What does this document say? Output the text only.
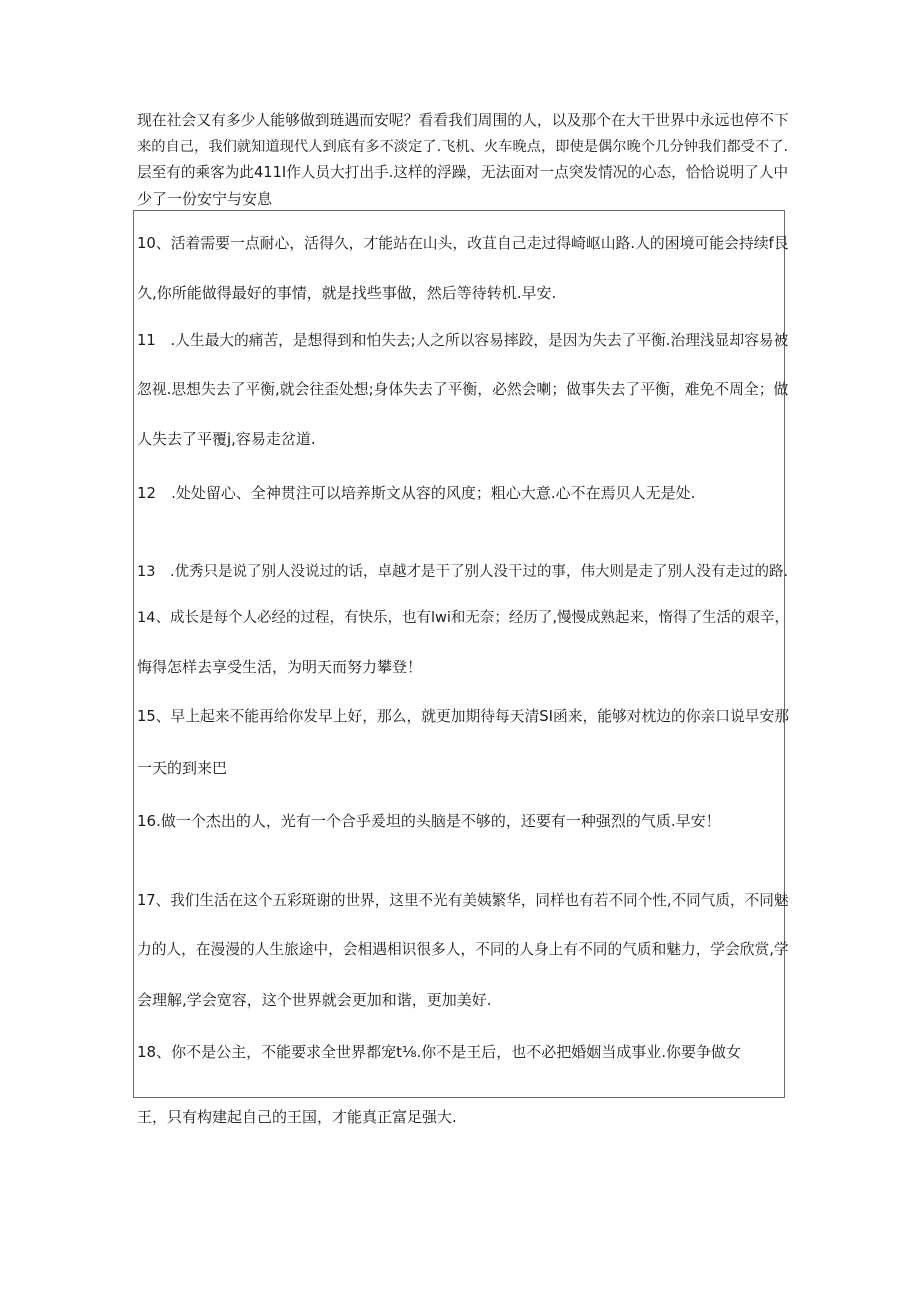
现在社会又有多少人能够做到琏遇而安呢？看看我们周围的人，以及那个在大干世界中永远也停不下
来的自己，我们就知道现代人到底有多不淡定了.飞机、火车晚点，即使是偶尔晚个几分钟我们都受不了.
层至有的乘客为此411I作人员大打出手.这样的浮躁，无法面对一点突发情况的心态，恰恰说明了人中
少了一份安宁与安息
10、活着需要一点耐心，活得久，才能站在山头，改苴自己走过得崎岖山路.人的困境可能会持续f艮
久,你所能做得最好的事情，就是找些事做，然后等待转机.早安.
11　.人生最大的痛苦，是想得到和怕失去;人之所以容易摔跤，是因为失去了平衡.治理浅显却容易被
忽视.思想失去了平衡,就会往歪处想;身体失去了平衡，必然会喇；做事失去了平衡，难免不周全；做
人失去了平覆j,容易走岔道.
12　.处处留心、全神贯注可以培养斯文从容的风度；粗心大意.心不在焉贝人无是处.
13　.优秀只是说了别人没说过的话，卓越才是干了别人没干过的事，伟大则是走了别人没有走过的路.
14、成长是每个人必经的过程，有快乐，也有lwi和无奈；经历了,慢慢成熟起来，惰得了生活的艰辛，
悔得怎样去享受生活，为明天而努力攀登！
15、早上起来不能再给你发早上好，那么，就更加期待每天清SI函来，能够对枕边的你亲口说早安那
一天的到来巴
16.做一个杰出的人，光有一个合乎爰坦的头脑是不够的，还要有一种强烈的气质.早安！
17、我们生活在这个五彩斑谢的世界，这里不光有美姨繁华，同样也有若不同个性,不同气质，不同魅
力的人，在漫漫的人生旅途中，会相遇相识很多人，不同的人身上有不同的气质和魅力，学会欣赏,学
会理解,学会宽容，这个世界就会更加和谐，更加美好.
18、你不是公主，不能要求全世界都宠t⅛.你不是王后，也不必把婚姻当成事业.你要争做女
王，只有构建起自己的王国，才能真正富足强大.
